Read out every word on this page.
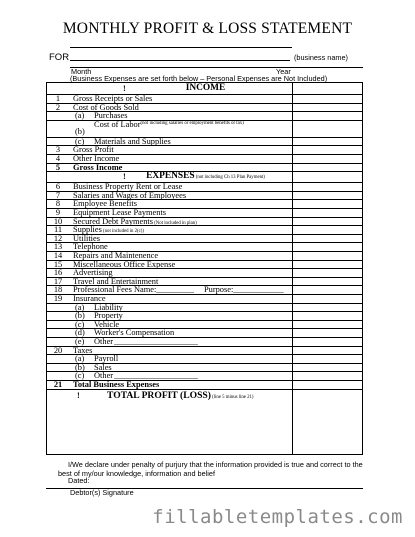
MONTHLY PROFIT & LOSS STATEMENT
FOR	(business name)
Month	Year
(Business Expenses are set forth below – Personal Expenses are Not Included)
!	INCOME
1	Gross Receipts or Sales
2	Cost of Goods Sold
(a) Purchases
(b)
Cost of Labor(not including salaries or employment benefits or tax)
(c) Materials and Supplies
3	Gross Profit
4	Other Income
5	Gross Income
!	EXPENSES (not including Ch 13 Plan Payment)
6	Business Property Rent or Lease
7	Salaries and Wages of Employees
8	Employee Benefits
9	Equipment Lease Payments
10	Secured Debt Payments (Not included in plan)
11	Supplies (not included in 2(c))
12	Utilities
13	Telephone
14	Repairs and Maintenence
15	Miscellaneous Office Expense
16	Advertising
17	Travel and Entertainment
18	Professional Fees Name:_________ Purpose:____________
19	Insurance
(a) Liability
(b) Property
(c) Vehicle
(d) Worker's Compensation
(e) Other____________________
20	Taxes
(a) Payroll
(b) Sales
(c) Other____________________
21	Total Business Expenses
!	TOTAL PROFIT (LOSS) (line 5 minus line 21)
I/We declare under penalty of purjury that the information provided is true and correct to the best of my/our knowledge, information and belief
Dated:
Debtor(s) Signature
fillabletemplates.com
